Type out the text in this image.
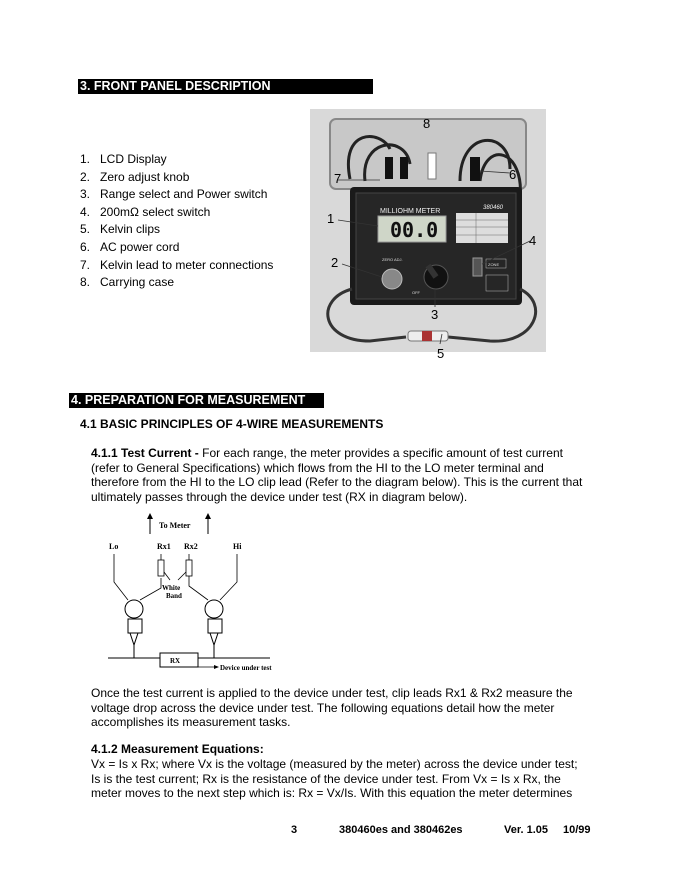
3. FRONT PANEL DESCRIPTION
1. LCD Display
2. Zero adjust knob
3. Range select and Power switch
4. 200mΩ select switch
5. Kelvin clips
6. AC power cord
7. Kelvin lead to meter connections
8. Carrying case
MILLIOHM METER	380460
00.0
ZERO ADJ.
OFF
ZONE
1
2
3
4
5
6
7
8
4. PREPARATION FOR MEASUREMENT
4.1 BASIC PRINCIPLES OF 4-WIRE MEASUREMENTS
4.1.1 Test Current - For each range, the meter provides a specific amount of test current
(refer to General Specifications) which flows from the HI to the LO meter terminal and
therefore from the HI to the LO clip lead (Refer to the diagram below). This is the current that
ultimately passes through the device under test (RX in diagram below).
To Meter
Lo	Rx1 Rx2	Hi
White
Band
RX
Device under test
Once the test current is applied to the device under test, clip leads Rx1 & Rx2 measure the
voltage drop across the device under test. The following equations detail how the meter
accomplishes its measurement tasks.
4.1.2 Measurement Equations:
Vx = Is x Rx; where Vx is the voltage (measured by the meter) across the device under test;
Is is the test current; Rx is the resistance of the device under test. From Vx = Is x Rx, the
meter moves to the next step which is: Rx = Vx/Is. With this equation the meter determines
3	380460es and 380462es	Ver. 1.05 10/99
